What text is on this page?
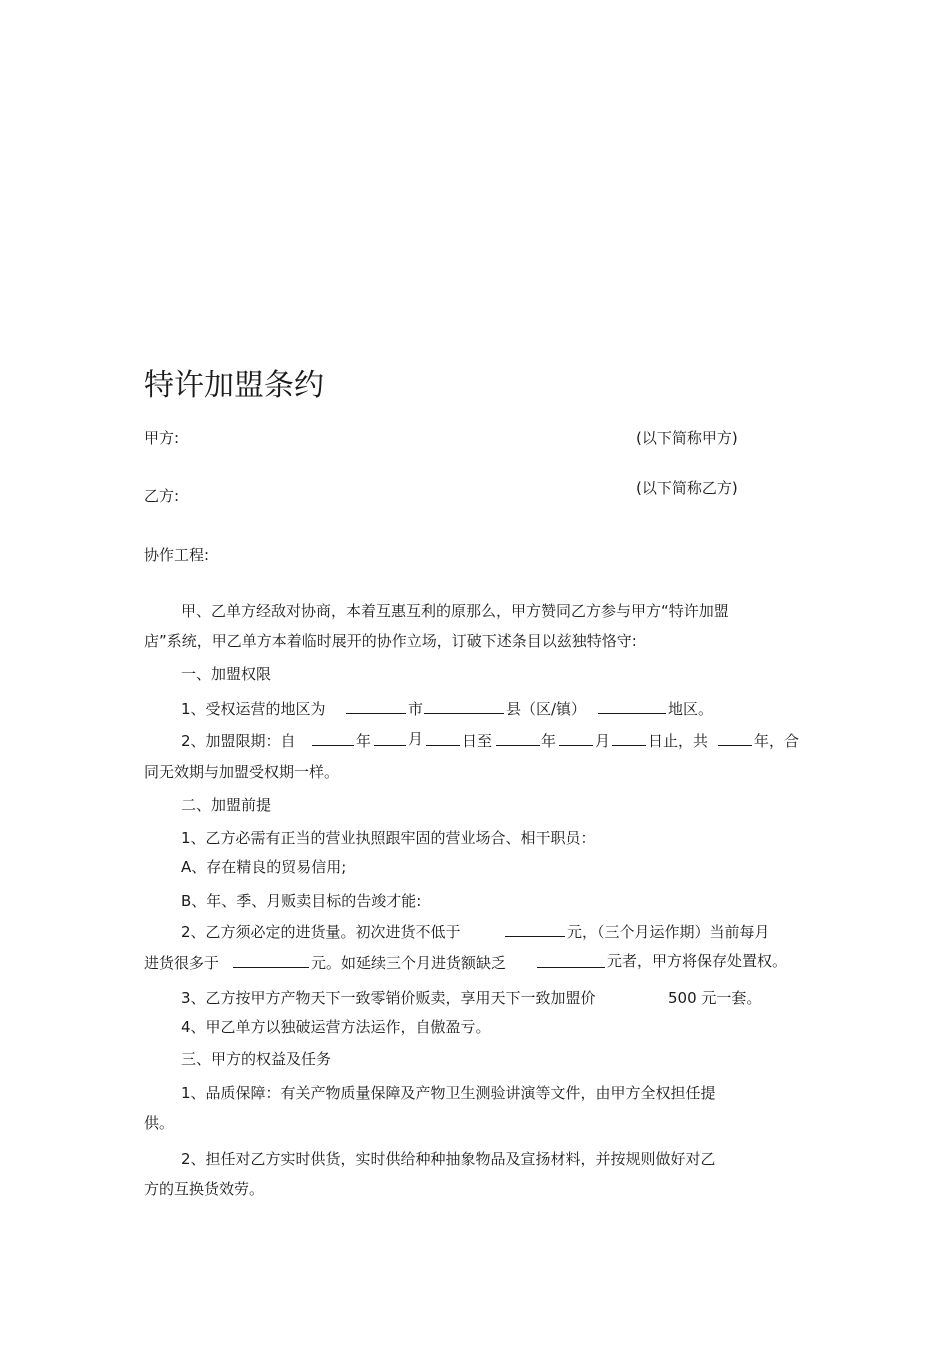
特许加盟条约
甲方:	(以下简称甲方)
(以下简称乙方)
乙方:
协作工程:
甲、乙单方经敌对协商，本着互惠互利的原那么，甲方赞同乙方参与甲方“特许加盟
店”系统，甲乙单方本着临时展开的协作立场，订破下述条目以兹独特恪守:
一、加盟权限
1、受权运营的地区为	市	县（区/镇）	地区。
2、加盟限期：自	年 月	日至	年	月	日止，共	年，合
同无效期与加盟受权期一样。
二、加盟前提
1、乙方必需有正当的营业执照跟牢固的营业场合、相干职员：
A、存在精良的贸易信用;
B、年、季、月贩卖目标的告竣才能:
2、乙方须必定的进货量。初次进货不低于	元，（三个月运作期）当前每月
进货很多于	元。如延续三个月进货额缺乏	元者，甲方将保存处置权。
3、乙方按甲方产物天下一致零销价贩卖，享用天下一致加盟价	500 元一套。
4、甲乙单方以独破运营方法运作，自傲盈亏。
三、甲方的权益及任务
1、品质保障：有关产物质量保障及产物卫生测验讲演等文件，由甲方全权担任提
供。
2、担任对乙方实时供货，实时供给种种抽象物品及宣扬材料，并按规则做好对乙
方的互换货效劳。
